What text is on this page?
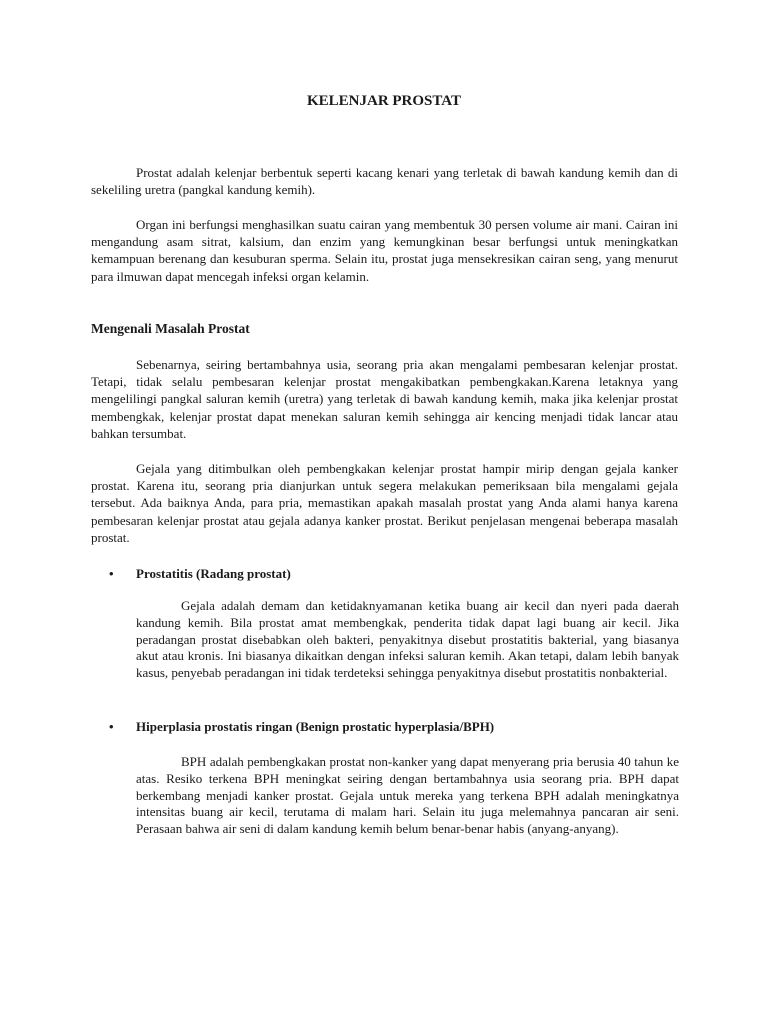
KELENJAR PROSTAT

Prostat adalah kelenjar berbentuk seperti kacang kenari yang terletak di bawah kandung kemih dan di sekeliling uretra (pangkal kandung kemih).

Organ ini berfungsi menghasilkan suatu cairan yang membentuk 30 persen volume air mani. Cairan ini mengandung asam sitrat, kalsium, dan enzim yang kemungkinan besar berfungsi untuk meningkatkan kemampuan berenang dan kesuburan sperma. Selain itu, prostat juga mensekresikan cairan seng, yang menurut para ilmuwan dapat mencegah infeksi organ kelamin.

Mengenali Masalah Prostat

Sebenarnya, seiring bertambahnya usia, seorang pria akan mengalami pembesaran kelenjar prostat. Tetapi, tidak selalu pembesaran kelenjar prostat mengakibatkan pembengkakan.Karena letaknya yang mengelilingi pangkal saluran kemih (uretra) yang terletak di bawah kandung kemih, maka jika kelenjar prostat membengkak, kelenjar prostat dapat menekan saluran kemih sehingga air kencing menjadi tidak lancar atau bahkan tersumbat.

Gejala yang ditimbulkan oleh pembengkakan kelenjar prostat hampir mirip dengan gejala kanker prostat. Karena itu, seorang pria dianjurkan untuk segera melakukan pemeriksaan bila mengalami gejala tersebut. Ada baiknya Anda, para pria, memastikan apakah masalah prostat yang Anda alami hanya karena pembesaran kelenjar prostat atau gejala adanya kanker prostat. Berikut penjelasan mengenai beberapa masalah prostat.

• Prostatitis (Radang prostat)

Gejala adalah demam dan ketidaknyamanan ketika buang air kecil dan nyeri pada daerah kandung kemih. Bila prostat amat membengkak, penderita tidak dapat lagi buang air kecil. Jika peradangan prostat disebabkan oleh bakteri, penyakitnya disebut prostatitis bakterial, yang biasanya akut atau kronis. Ini biasanya dikaitkan dengan infeksi saluran kemih. Akan tetapi, dalam lebih banyak kasus, penyebab peradangan ini tidak terdeteksi sehingga penyakitnya disebut prostatitis nonbakterial.

• Hiperplasia prostatis ringan (Benign prostatic hyperplasia/BPH)

BPH adalah pembengkakan prostat non-kanker yang dapat menyerang pria berusia 40 tahun ke atas. Resiko terkena BPH meningkat seiring dengan bertambahnya usia seorang pria. BPH dapat berkembang menjadi kanker prostat. Gejala untuk mereka yang terkena BPH adalah meningkatnya intensitas buang air kecil, terutama di malam hari. Selain itu juga melemahnya pancaran air seni. Perasaan bahwa air seni di dalam kandung kemih belum benar-benar habis (anyang-anyang).
